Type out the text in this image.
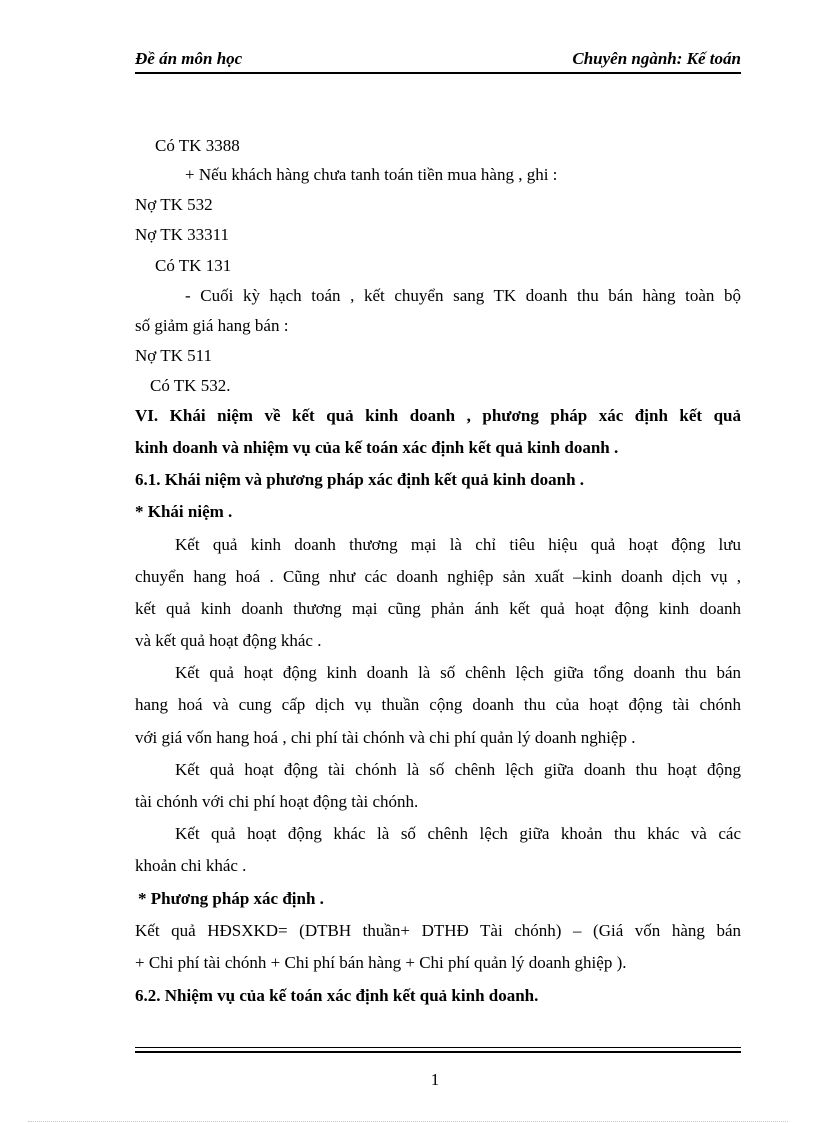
Đề án môn học	Chuyên ngành: Kế toán
Có TK 3388
+ Nếu khách hàng chưa tanh toán tiền mua hàng , ghi :
Nợ TK 532
Nợ TK 33311
Có TK 131
- Cuối kỳ hạch toán , kết chuyển sang TK doanh thu bán hàng toàn bộ
số giảm giá hang bán :
Nợ TK 511
Có TK 532.
VI. Khái niệm về kết quả kinh doanh , phương pháp xác định kết quả
kinh doanh và nhiệm vụ của kế toán xác định kết quả kinh doanh .
6.1. Khái niệm và phương pháp xác định kết quả kinh doanh .
* Khái niệm .
Kết quả kinh doanh thương mại là chỉ tiêu hiệu quả hoạt động lưu
chuyển hang hoá . Cũng như các doanh nghiệp sản xuất –kinh doanh dịch vụ ,
kết quả kinh doanh thương mại cũng phản ánh kết quả hoạt động kinh doanh
và kết quả hoạt động khác .
Kết quả hoạt động kinh doanh là số chênh lệch giữa tổng doanh thu bán
hang hoá và cung cấp dịch vụ thuần cộng doanh thu của hoạt động tài chónh
với giá vốn hang hoá , chi phí tài chónh và chi phí quản lý doanh nghiệp .
Kết quả hoạt động tài chónh là số chênh lệch giữa doanh thu hoạt động
tài chónh với chi phí hoạt động tài chónh.
Kết quả hoạt động khác là số chênh lệch giữa khoản thu khác và các
khoản chi khác .
* Phương pháp xác định .
Kết quả HĐSXKD= (DTBH thuần+ DTHĐ Tài chónh) – (Giá vốn hàng bán
+ Chi phí tài chónh + Chi phí bán hàng + Chi phí quản lý doanh ghiệp ).
6.2. Nhiệm vụ của kế toán xác định kết quả kinh doanh.
1
